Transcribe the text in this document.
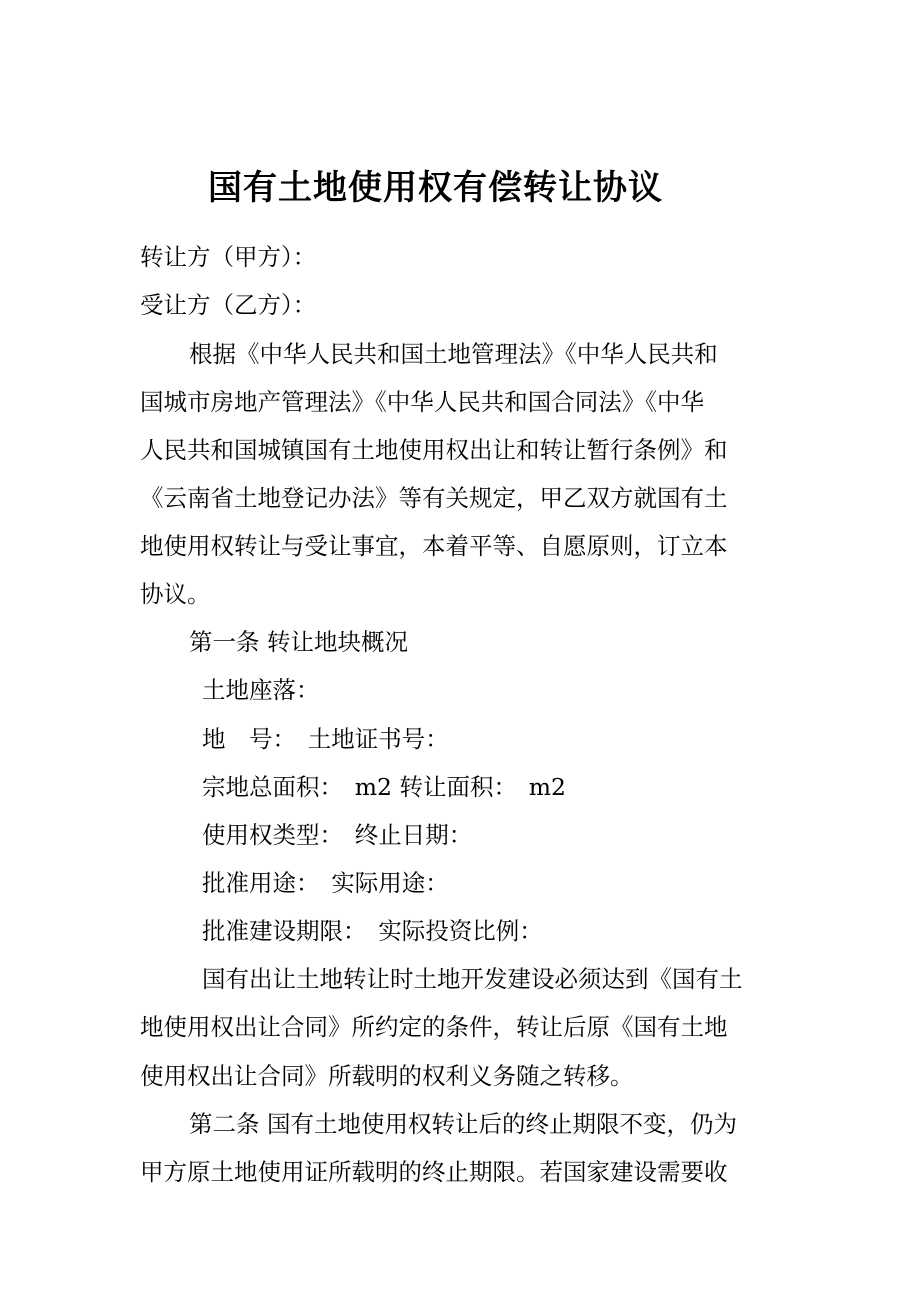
国有土地使用权有偿转让协议
转让方（甲方）：
受让方（乙方）：
根据《中华人民共和国土地管理法》《中华人民共和
国城市房地产管理法》《中华人民共和国合同法》《中华
人民共和国城镇国有土地使用权出让和转让暂行条例》和
《云南省土地登记办法》等有关规定，甲乙双方就国有土
地使用权转让与受让事宜，本着平等、自愿原则，订立本
协议。
第一条 转让地块概况
土地座落：
地　号：　土地证书号：
宗地总面积：　m2 转让面积：　m2
使用权类型：　终止日期：
批准用途：　实际用途：
批准建设期限：　实际投资比例：
国有出让土地转让时土地开发建设必须达到《国有土
地使用权出让合同》所约定的条件，转让后原《国有土地
使用权出让合同》所载明的权利义务随之转移。
第二条 国有土地使用权转让后的终止期限不变，仍为
甲方原土地使用证所载明的终止期限。若国家建设需要收
